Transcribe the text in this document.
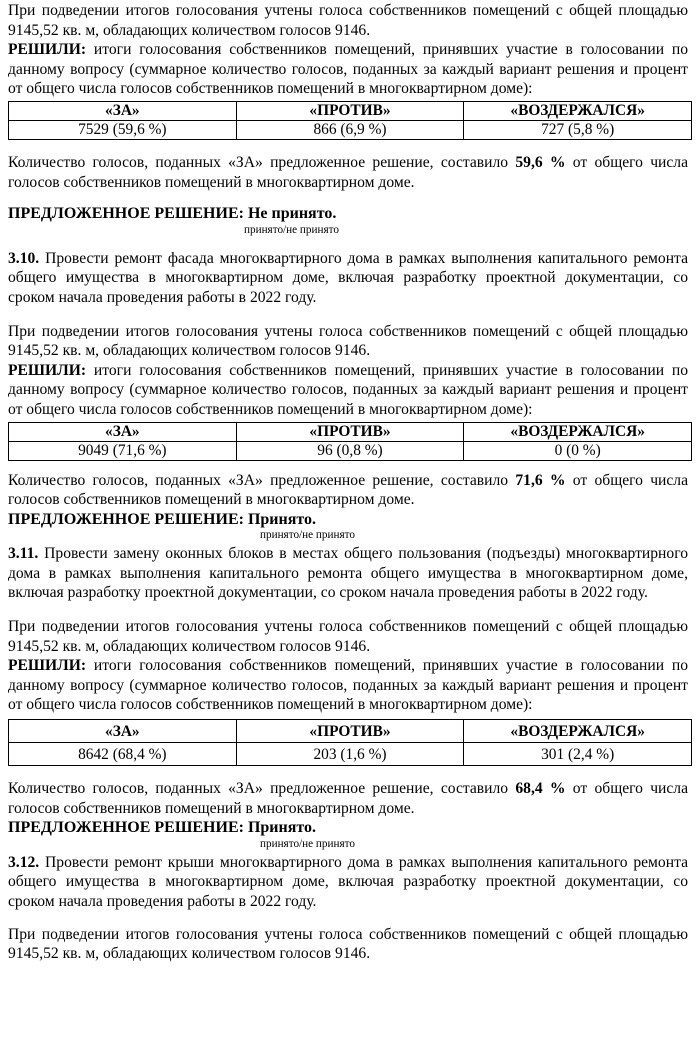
При подведении итогов голосования учтены голоса собственников помещений с общей площадью 9145,52 кв. м, обладающих количеством голосов 9146.

РЕШИЛИ: итоги голосования собственников помещений, принявших участие в голосовании по данному вопросу (суммарное количество голосов, поданных за каждый вариант решения и процент от общего числа голосов собственников помещений в многоквартирном доме):

«ЗА»	«ПРОТИВ»	«ВОЗДЕРЖАЛСЯ»
7529 (59,6 %)	866 (6,9 %)	727 (5,8 %)

Количество голосов, поданных «ЗА» предложенное решение, составило 59,6 % от общего числа голосов собственников помещений в многоквартирном доме.

ПРЕДЛОЖЕННОЕ РЕШЕНИЕ: Не принято.

принято/не принято

3.10. Провести ремонт фасада многоквартирного дома в рамках выполнения капитального ремонта общего имущества в многоквартирном доме, включая разработку проектной документации, со сроком начала проведения работы в 2022 году.

При подведении итогов голосования учтены голоса собственников помещений с общей площадью 9145,52 кв. м, обладающих количеством голосов 9146.

РЕШИЛИ: итоги голосования собственников помещений, принявших участие в голосовании по данному вопросу (суммарное количество голосов, поданных за каждый вариант решения и процент от общего числа голосов собственников помещений в многоквартирном доме):

«ЗА»	«ПРОТИВ»	«ВОЗДЕРЖАЛСЯ»
9049 (71,6 %)	96 (0,8 %)	0 (0 %)

Количество голосов, поданных «ЗА» предложенное решение, составило 71,6 % от общего числа голосов собственников помещений в многоквартирном доме.

ПРЕДЛОЖЕННОЕ РЕШЕНИЕ: Принято.

принято/не принято

3.11. Провести замену оконных блоков в местах общего пользования (подъезды) многоквартирного дома в рамках выполнения капитального ремонта общего имущества в многоквартирном доме, включая разработку проектной документации, со сроком начала проведения работы в 2022 году.

При подведении итогов голосования учтены голоса собственников помещений с общей площадью 9145,52 кв. м, обладающих количеством голосов 9146.

РЕШИЛИ: итоги голосования собственников помещений, принявших участие в голосовании по данному вопросу (суммарное количество голосов, поданных за каждый вариант решения и процент от общего числа голосов собственников помещений в многоквартирном доме):

«ЗА»	«ПРОТИВ»	«ВОЗДЕРЖАЛСЯ»
8642 (68,4 %)	203 (1,6 %)	301 (2,4 %)

Количество голосов, поданных «ЗА» предложенное решение, составило 68,4 % от общего числа голосов собственников помещений в многоквартирном доме.

ПРЕДЛОЖЕННОЕ РЕШЕНИЕ: Принято.

принято/не принято

3.12. Провести ремонт крыши многоквартирного дома в рамках выполнения капитального ремонта общего имущества в многоквартирном доме, включая разработку проектной документации, со сроком начала проведения работы в 2022 году.

При подведении итогов голосования учтены голоса собственников помещений с общей площадью 9145,52 кв. м, обладающих количеством голосов 9146.
